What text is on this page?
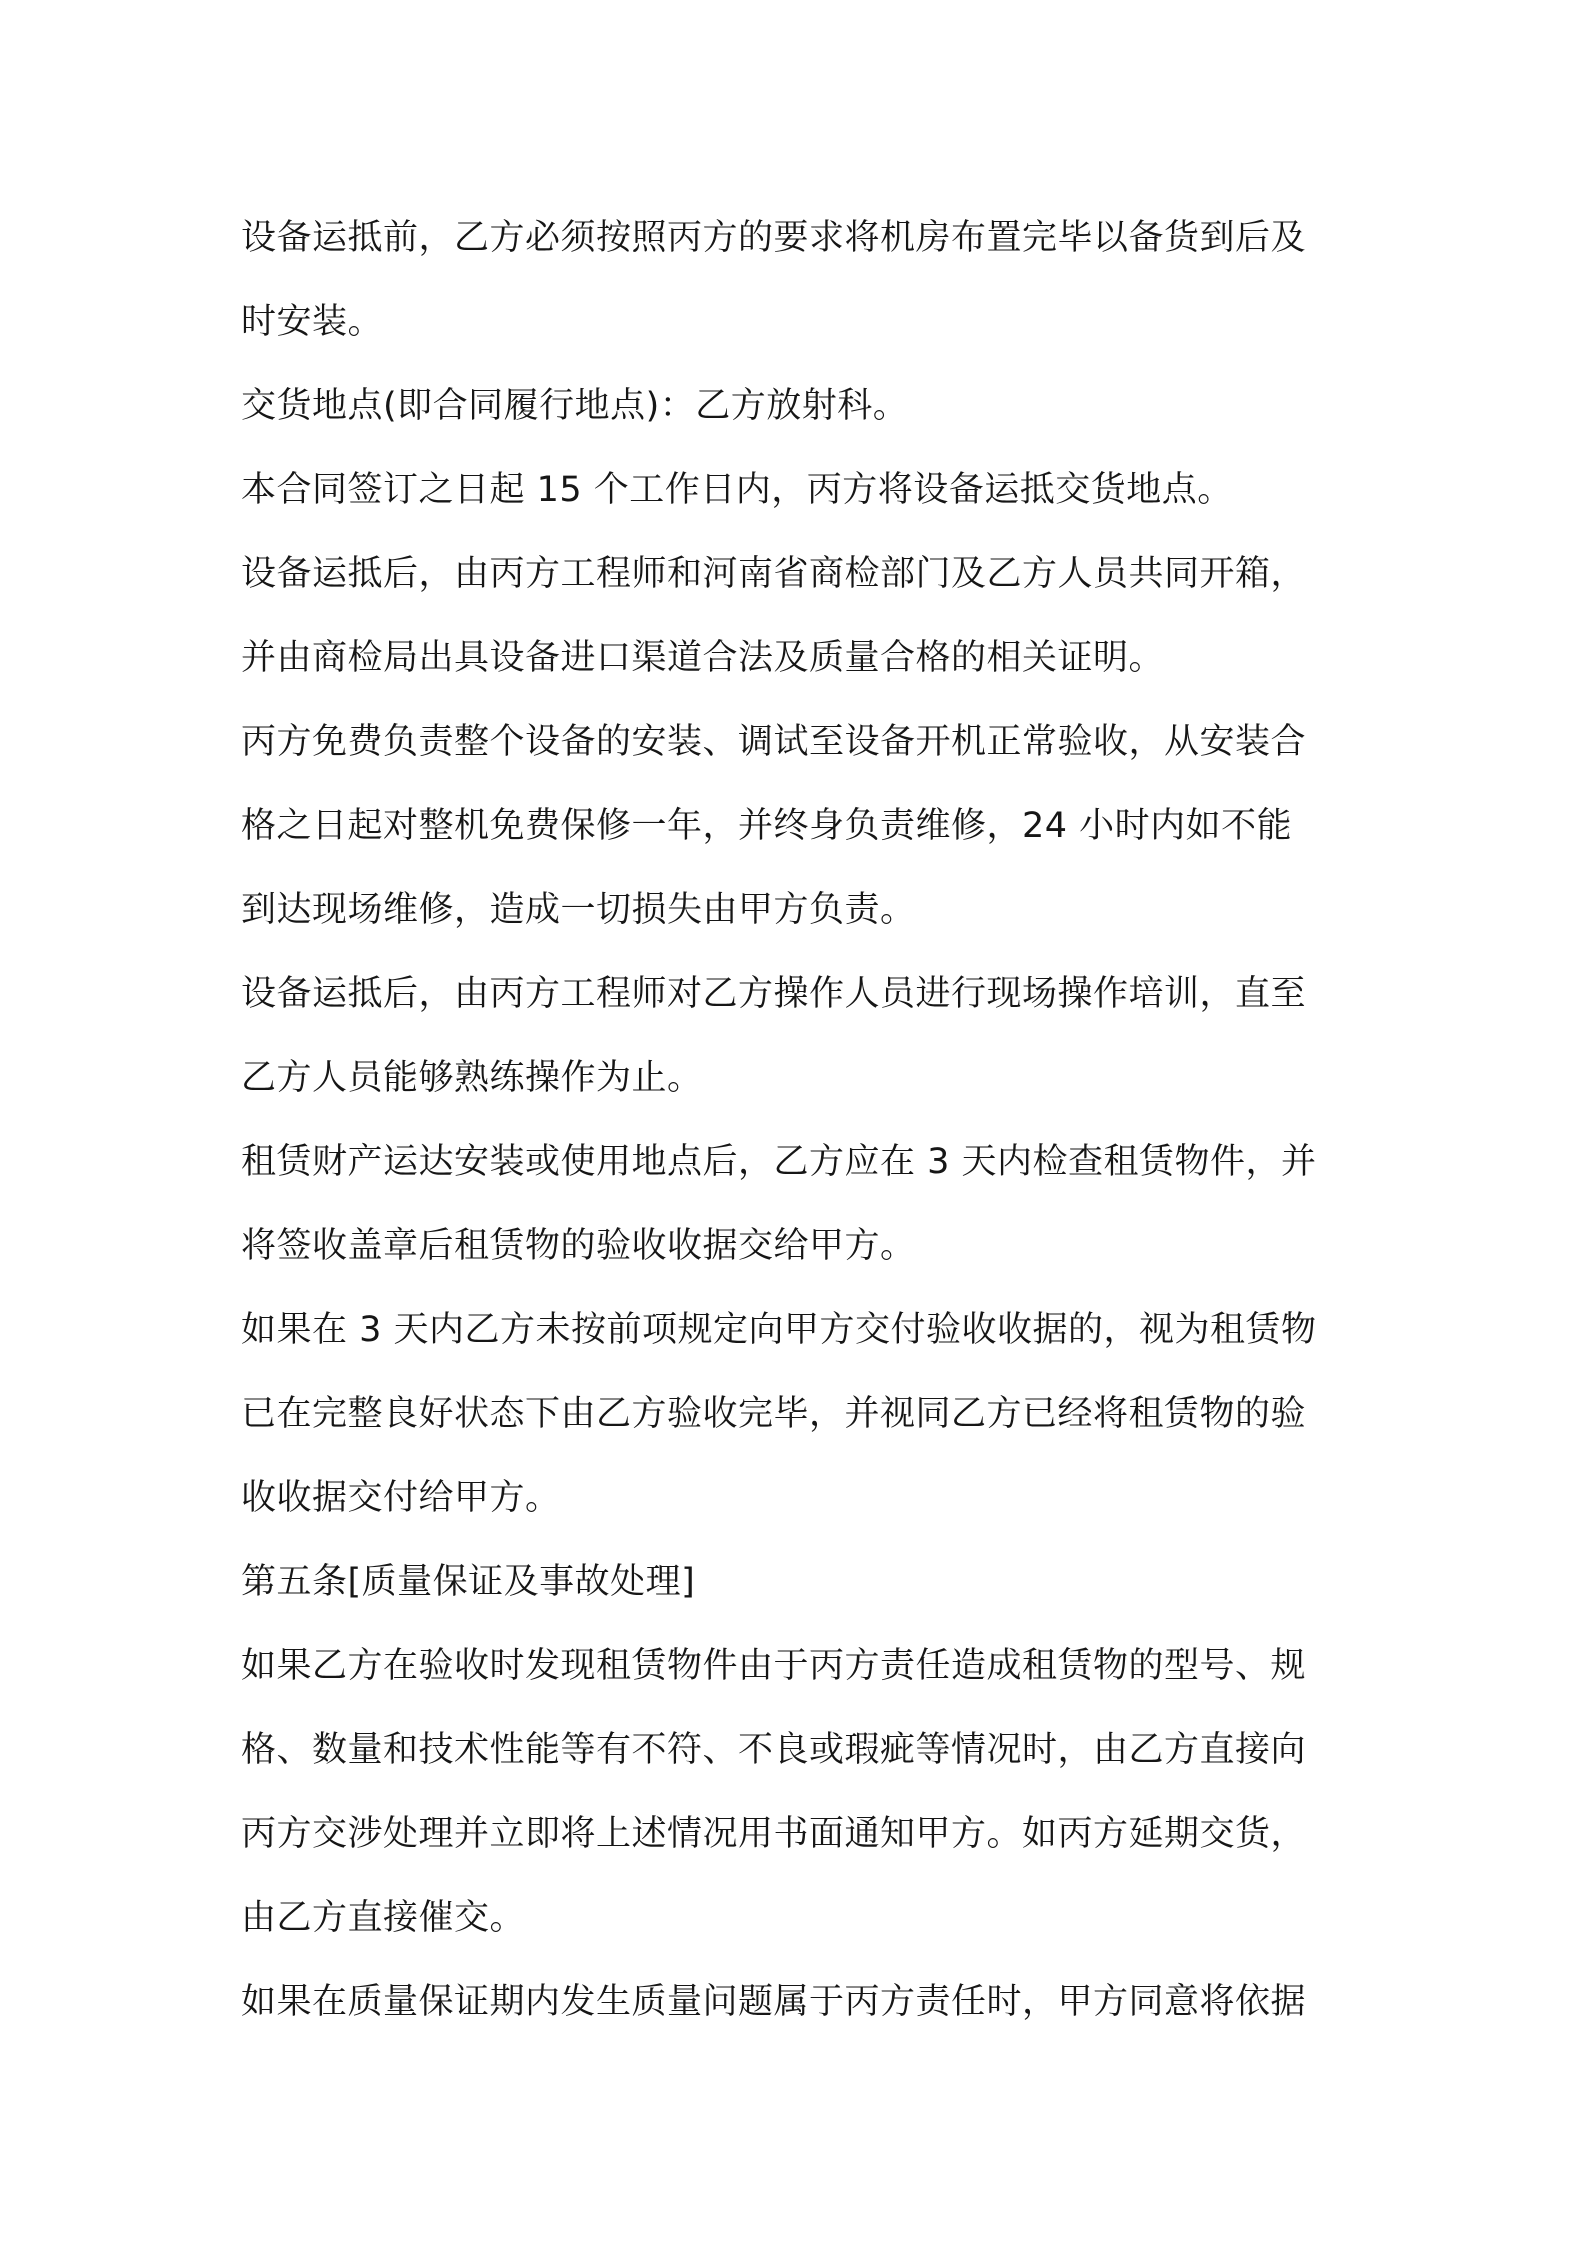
设备运抵前，乙方必须按照丙方的要求将机房布置完毕以备货到后及
时安装。

交货地点(即合同履行地点)：乙方放射科。

本合同签订之日起 15 个工作日内，丙方将设备运抵交货地点。

设备运抵后，由丙方工程师和河南省商检部门及乙方人员共同开箱，
并由商检局出具设备进口渠道合法及质量合格的相关证明。

丙方免费负责整个设备的安装、调试至设备开机正常验收，从安装合
格之日起对整机免费保修一年，并终身负责维修，24 小时内如不能
到达现场维修，造成一切损失由甲方负责。

设备运抵后，由丙方工程师对乙方操作人员进行现场操作培训，直至
乙方人员能够熟练操作为止。

租赁财产运达安装或使用地点后，乙方应在 3 天内检查租赁物件，并
将签收盖章后租赁物的验收收据交给甲方。

如果在 3 天内乙方未按前项规定向甲方交付验收收据的，视为租赁物
已在完整良好状态下由乙方验收完毕，并视同乙方已经将租赁物的验
收收据交付给甲方。

第五条[质量保证及事故处理]

如果乙方在验收时发现租赁物件由于丙方责任造成租赁物的型号、规
格、数量和技术性能等有不符、不良或瑕疵等情况时，由乙方直接向
丙方交涉处理并立即将上述情况用书面通知甲方。如丙方延期交货，
由乙方直接催交。

如果在质量保证期内发生质量问题属于丙方责任时，甲方同意将依据
